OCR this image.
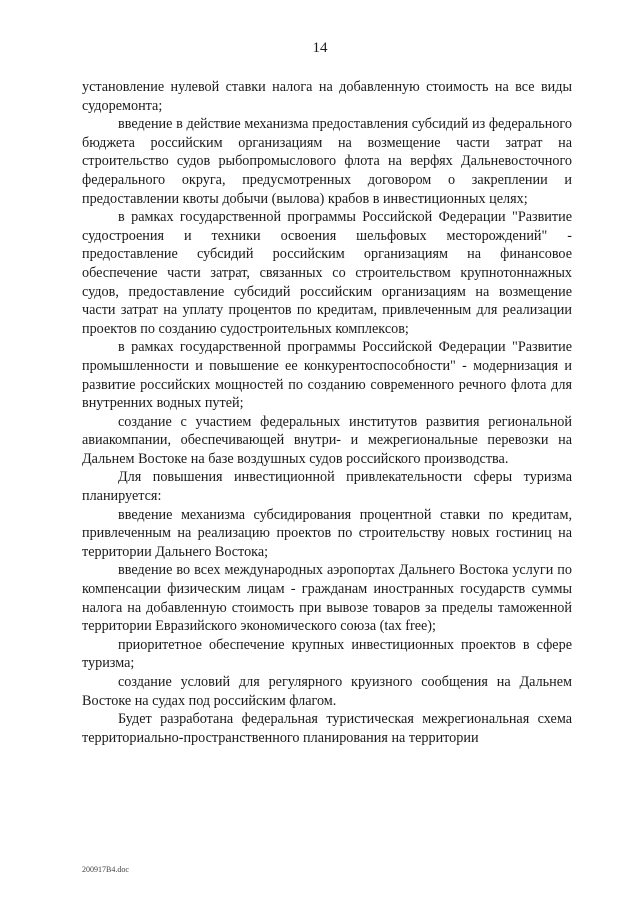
14

установление нулевой ставки налога на добавленную стоимость на все виды судоремонта;

введение в действие механизма предоставления субсидий из федерального бюджета российским организациям на возмещение части затрат на строительство судов рыбопромыслового флота на верфях Дальневосточного федерального округа, предусмотренных договором о закреплении и предоставлении квоты добычи (вылова) крабов в инвестиционных целях;

в рамках государственной программы Российской Федерации "Развитие судостроения и техники освоения шельфовых месторождений" - предоставление субсидий российским организациям на финансовое обеспечение части затрат, связанных со строительством крупнотоннажных судов, предоставление субсидий российским организациям на возмещение части затрат на уплату процентов по кредитам, привлеченным для реализации проектов по созданию судостроительных комплексов;

в рамках государственной программы Российской Федерации "Развитие промышленности и повышение ее конкурентоспособности" - модернизация и развитие российских мощностей по созданию современного речного флота для внутренних водных путей;

создание с участием федеральных институтов развития региональной авиакомпании, обеспечивающей внутри- и межрегиональные перевозки на Дальнем Востоке на базе воздушных судов российского производства.

Для повышения инвестиционной привлекательности сферы туризма планируется:

введение механизма субсидирования процентной ставки по кредитам, привлеченным на реализацию проектов по строительству новых гостиниц на территории Дальнего Востока;

введение во всех международных аэропортах Дальнего Востока услуги по компенсации физическим лицам - гражданам иностранных государств суммы налога на добавленную стоимость при вывозе товаров за пределы таможенной территории Евразийского экономического союза (tax free);

приоритетное обеспечение крупных инвестиционных проектов в сфере туризма;

создание условий для регулярного круизного сообщения на Дальнем Востоке на судах под российским флагом.

Будет разработана федеральная туристическая межрегиональная схема территориально-пространственного планирования на территории

200917В4.doc
